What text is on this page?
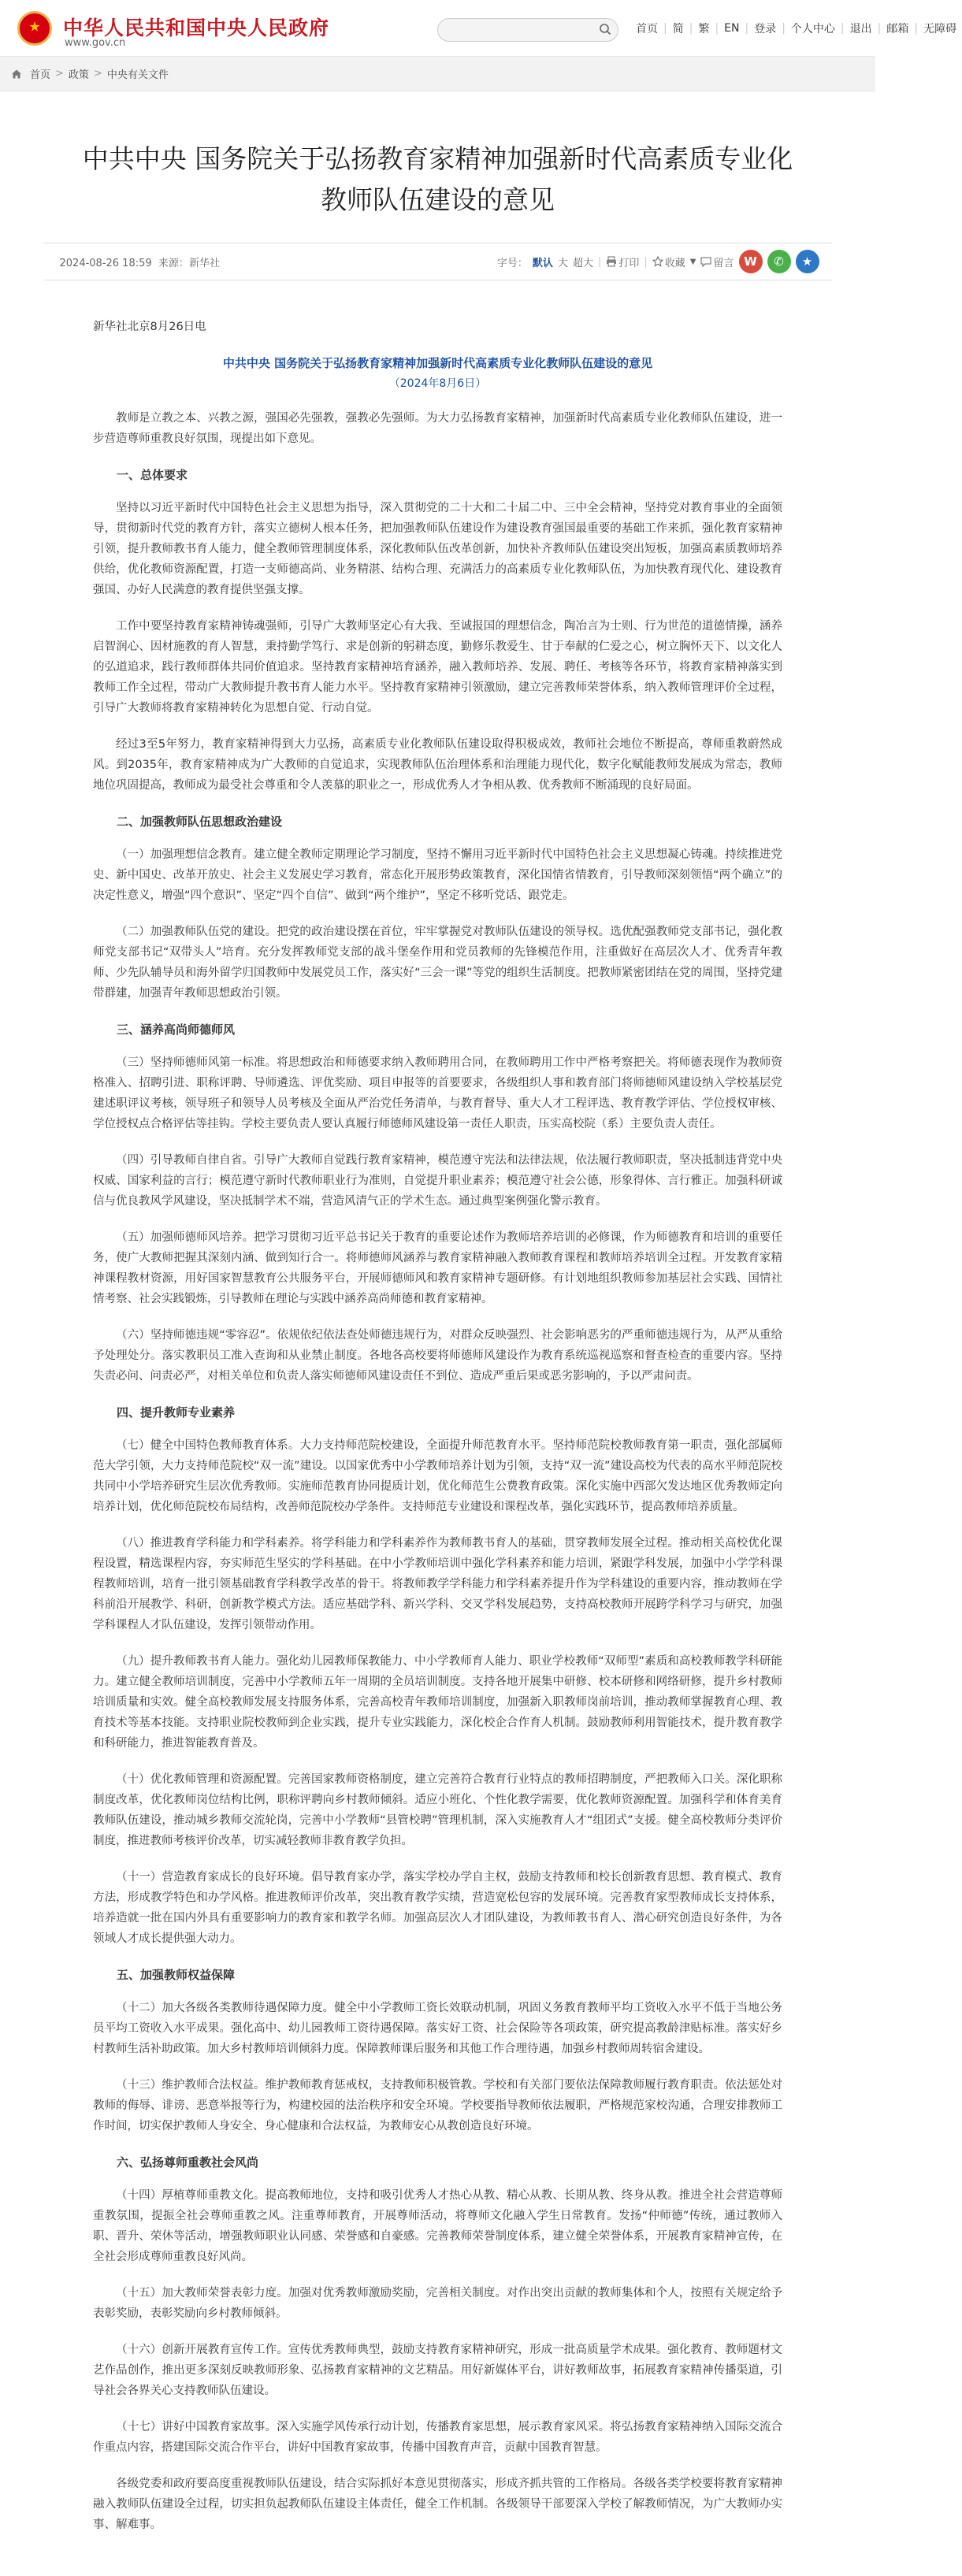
中华人民共和国中央人民政府
www.gov.cn
首页 | 简 | 繁 | EN | 登录 | 个人中心 | 退出 | 邮箱 | 无障碍
首页 > 政策 > 中央有关文件
中共中央 国务院关于弘扬教育家精神加强新时代高素质专业化教师队伍建设的意见
2024-08-26 18:59 来源：新华社	字号： 默认 大 超大 | 打印 | 收藏 ▼ 留言 W	✆	★

新华社北京8月26日电

中共中央 国务院关于弘扬教育家精神加强新时代高素质专业化教师队伍建设的意见
（2024年8月6日）

教师是立教之本、兴教之源，强国必先强教，强教必先强师。为大力弘扬教育家精神，加强新时代高素质专业化教师队伍建设，进一步营造尊师重教良好氛围，现提出如下意见。

一、总体要求

坚持以习近平新时代中国特色社会主义思想为指导，深入贯彻党的二十大和二十届二中、三中全会精神，坚持党对教育事业的全面领导，贯彻新时代党的教育方针，落实立德树人根本任务，把加强教师队伍建设作为建设教育强国最重要的基础工作来抓，强化教育家精神引领，提升教师教书育人能力，健全教师管理制度体系，深化教师队伍改革创新，加快补齐教师队伍建设突出短板，加强高素质教师培养供给，优化教师资源配置，打造一支师德高尚、业务精湛、结构合理、充满活力的高素质专业化教师队伍，为加快教育现代化、建设教育强国、办好人民满意的教育提供坚强支撑。

工作中要坚持教育家精神铸魂强师，引导广大教师坚定心有大我、至诚报国的理想信念，陶冶言为士则、行为世范的道德情操，涵养启智润心、因材施教的育人智慧，秉持勤学笃行、求是创新的躬耕态度，勤修乐教爱生、甘于奉献的仁爱之心，树立胸怀天下、以文化人的弘道追求，践行教师群体共同价值追求。坚持教育家精神培育涵养，融入教师培养、发展、聘任、考核等各环节，将教育家精神落实到教师工作全过程，带动广大教师提升教书育人能力水平。坚持教育家精神引领激励，建立完善教师荣誉体系，纳入教师管理评价全过程，引导广大教师将教育家精神转化为思想自觉、行动自觉。

经过3至5年努力，教育家精神得到大力弘扬，高素质专业化教师队伍建设取得积极成效，教师社会地位不断提高，尊师重教蔚然成风。到2035年，教育家精神成为广大教师的自觉追求，实现教师队伍治理体系和治理能力现代化，数字化赋能教师发展成为常态，教师地位巩固提高，教师成为最受社会尊重和令人羡慕的职业之一，形成优秀人才争相从教、优秀教师不断涌现的良好局面。

二、加强教师队伍思想政治建设

（一）加强理想信念教育。建立健全教师定期理论学习制度，坚持不懈用习近平新时代中国特色社会主义思想凝心铸魂。持续推进党史、新中国史、改革开放史、社会主义发展史学习教育，常态化开展形势政策教育，深化国情省情教育，引导教师深刻领悟“两个确立”的决定性意义，增强“四个意识”、坚定“四个自信”、做到“两个维护”，坚定不移听党话、跟党走。

（二）加强教师队伍党的建设。把党的政治建设摆在首位，牢牢掌握党对教师队伍建设的领导权。选优配强教师党支部书记，强化教师党支部书记“双带头人”培育。充分发挥教师党支部的战斗堡垒作用和党员教师的先锋模范作用，注重做好在高层次人才、优秀青年教师、少先队辅导员和海外留学归国教师中发展党员工作，落实好“三会一课”等党的组织生活制度。把教师紧密团结在党的周围，坚持党建带群建，加强青年教师思想政治引领。

三、涵养高尚师德师风

（三）坚持师德师风第一标准。将思想政治和师德要求纳入教师聘用合同，在教师聘用工作中严格考察把关。将师德表现作为教师资格准入、招聘引进、职称评聘、导师遴选、评优奖励、项目申报等的首要要求，各级组织人事和教育部门将师德师风建设纳入学校基层党建述职评议考核，领导班子和领导人员考核及全面从严治党任务清单，与教育督导、重大人才工程评选、教育教学评估、学位授权审核、学位授权点合格评估等挂钩。学校主要负责人要认真履行师德师风建设第一责任人职责，压实高校院（系）主要负责人责任。

（四）引导教师自律自省。引导广大教师自觉践行教育家精神，模范遵守宪法和法律法规，依法履行教师职责，坚决抵制违背党中央权威、国家利益的言行；模范遵守新时代教师职业行为准则，自觉提升职业素养；模范遵守社会公德，形象得体、言行雅正。加强科研诚信与优良教风学风建设，坚决抵制学术不端，营造风清气正的学术生态。通过典型案例强化警示教育。

（五）加强师德师风培养。把学习贯彻习近平总书记关于教育的重要论述作为教师培养培训的必修课，作为师德教育和培训的重要任务，使广大教师把握其深刻内涵、做到知行合一。将师德师风涵养与教育家精神融入教师教育课程和教师培养培训全过程。开发教育家精神课程教材资源，用好国家智慧教育公共服务平台，开展师德师风和教育家精神专题研修。有计划地组织教师参加基层社会实践、国情社情考察、社会实践锻炼，引导教师在理论与实践中涵养高尚师德和教育家精神。

（六）坚持师德违规“零容忍”。依规依纪依法查处师德违规行为，对群众反映强烈、社会影响恶劣的严重师德违规行为，从严从重给予处理处分。落实教职员工准入查询和从业禁止制度。各地各高校要将师德师风建设作为教育系统巡视巡察和督查检查的重要内容。坚持失责必问、问责必严，对相关单位和负责人落实师德师风建设责任不到位、造成严重后果或恶劣影响的，予以严肃问责。

四、提升教师专业素养

（七）健全中国特色教师教育体系。大力支持师范院校建设，全面提升师范教育水平。坚持师范院校教师教育第一职责，强化部属师范大学引领，大力支持师范院校“双一流”建设。以国家优秀中小学教师培养计划为引领，支持“双一流”建设高校为代表的高水平师范院校共同中小学培养研究生层次优秀教师。实施师范教育协同提质计划，优化师范生公费教育政策。深化实施中西部欠发达地区优秀教师定向培养计划，优化师范院校布局结构，改善师范院校办学条件。支持师范专业建设和课程改革，强化实践环节，提高教师培养质量。

（八）推进教育学科能力和学科素养。将学科能力和学科素养作为教师教书育人的基础，贯穿教师发展全过程。推动相关高校优化课程设置，精选课程内容，夯实师范生坚实的学科基础。在中小学教师培训中强化学科素养和能力培训，紧跟学科发展，加强中小学学科课程教师培训，培育一批引领基础教育学科教学改革的骨干。将教师教学学科能力和学科素养提升作为学科建设的重要内容，推动教师在学科前沿开展教学、科研，创新教学模式方法。适应基础学科、新兴学科、交叉学科发展趋势，支持高校教师开展跨学科学习与研究，加强学科课程人才队伍建设，发挥引领带动作用。

（九）提升教师教书育人能力。强化幼儿园教师保教能力、中小学教师育人能力、职业学校教师“双师型”素质和高校教师教学科研能力。建立健全教师培训制度，完善中小学教师五年一周期的全员培训制度。支持各地开展集中研修、校本研修和网络研修，提升乡村教师培训质量和实效。健全高校教师发展支持服务体系，完善高校青年教师培训制度，加强新入职教师岗前培训，推动教师掌握教育心理、教育技术等基本技能。支持职业院校教师到企业实践，提升专业实践能力，深化校企合作育人机制。鼓励教师利用智能技术，提升教育教学和科研能力，推进智能教育普及。

（十）优化教师管理和资源配置。完善国家教师资格制度，建立完善符合教育行业特点的教师招聘制度，严把教师入口关。深化职称制度改革，优化教师岗位结构比例，职称评聘向乡村教师倾斜。适应小班化、个性化教学需要，优化教师资源配置。加强科学和体育美育教师队伍建设，推动城乡教师交流轮岗，完善中小学教师“县管校聘”管理机制，深入实施教育人才“组团式”支援。健全高校教师分类评价制度，推进教师考核评价改革，切实减轻教师非教育教学负担。

（十一）营造教育家成长的良好环境。倡导教育家办学，落实学校办学自主权，鼓励支持教师和校长创新教育思想、教育模式、教育方法，形成教学特色和办学风格。推进教师评价改革，突出教育教学实绩，营造宽松包容的发展环境。完善教育家型教师成长支持体系，培养造就一批在国内外具有重要影响力的教育家和教学名师。加强高层次人才团队建设，为教师教书育人、潜心研究创造良好条件，为各领域人才成长提供强大动力。

五、加强教师权益保障

（十二）加大各级各类教师待遇保障力度。健全中小学教师工资长效联动机制，巩固义务教育教师平均工资收入水平不低于当地公务员平均工资收入水平成果。强化高中、幼儿园教师工资待遇保障。落实好工资、社会保险等各项政策，研究提高教龄津贴标准。落实好乡村教师生活补助政策。加大乡村教师培训倾斜力度。保障教师课后服务和其他工作合理待遇，加强乡村教师周转宿舍建设。

（十三）维护教师合法权益。维护教师教育惩戒权，支持教师积极管教。学校和有关部门要依法保障教师履行教育职责。依法惩处对教师的侮辱、诽谤、恶意举报等行为，构建校园的法治秩序和安全环境。学校要指导教师依法履职，严格规范家校沟通，合理安排教师工作时间，切实保护教师人身安全、身心健康和合法权益，为教师安心从教创造良好环境。

六、弘扬尊师重教社会风尚

（十四）厚植尊师重教文化。提高教师地位，支持和吸引优秀人才热心从教、精心从教、长期从教、终身从教。推进全社会营造尊师重教氛围，提振全社会尊师重教之风。注重尊师教育，开展尊师活动，将尊师文化融入学生日常教育。发扬“仲师德”传统，通过教师入职、晋升、荣休等活动，增强教师职业认同感、荣誉感和自豪感。完善教师荣誉制度体系，建立健全荣誉体系，开展教育家精神宣传，在全社会形成尊师重教良好风尚。

（十五）加大教师荣誉表彰力度。加强对优秀教师激励奖励，完善相关制度。对作出突出贡献的教师集体和个人，按照有关规定给予表彰奖励，表彰奖励向乡村教师倾斜。

（十六）创新开展教育宣传工作。宣传优秀教师典型，鼓励支持教育家精神研究，形成一批高质量学术成果。强化教育、教师题材文艺作品创作，推出更多深刻反映教师形象、弘扬教育家精神的文艺精品。用好新媒体平台，讲好教师故事，拓展教育家精神传播渠道，引导社会各界关心支持教师队伍建设。

（十七）讲好中国教育家故事。深入实施学风传承行动计划，传播教育家思想，展示教育家风采。将弘扬教育家精神纳入国际交流合作重点内容，搭建国际交流合作平台，讲好中国教育家故事，传播中国教育声音，贡献中国教育智慧。

各级党委和政府要高度重视教师队伍建设，结合实际抓好本意见贯彻落实，形成齐抓共管的工作格局。各级各类学校要将教育家精神融入教师队伍建设全过程，切实担负起教师队伍建设主体责任，健全工作机制。各级领导干部要深入学校了解教师情况，为广大教师办实事、解难事。
